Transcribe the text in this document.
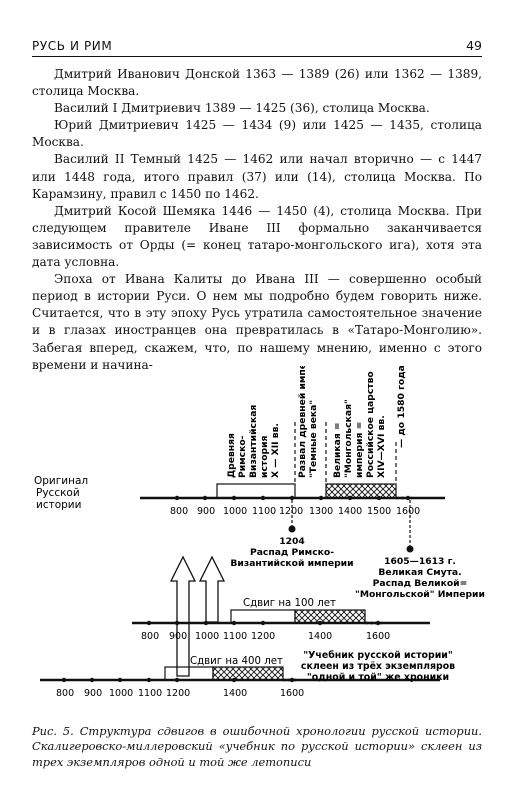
РУСЬ И РИМ	49

Дмитрий Иванович Донской 1363 — 1389 (26) или 1362 — 1389, столица Москва.

Василий I Дмитриевич 1389 — 1425 (36), столица Москва.

Юрий Дмитриевич 1425 — 1434 (9) или 1425 — 1435, столица Москва.

Василий II Темный 1425 — 1462 или начал вторично — с 1447 или 1448 года, итого правил (37) или (14), столица Москва. По Карамзину, правил с 1450 по 1462.

Дмитрий Косой Шемяка 1446 — 1450 (4), столица Москва. При следующем правителе Иване III формально заканчивается зависимость от Орды (= конец татаро-монгольского ига), хотя эта дата условна.

Эпоха от Ивана Калиты до Ивана III — совершенно особый период в истории Руси. О нем мы подробно будем говорить ниже. Считается, что в эту эпоху Русь утратила самостоятельное значение и в глазах иностранцев она превратилась в «Татаро-Монголию». Забегая вперед, скажем, что, по нашему мнению, именно с этого времени и начина-

Оригинал
Русской
истории
800 900 1000 1100 1200 1300 1400 1500 1600
Древняя Римско- Византийская история X — XII вв. Развал древней империи. "Темные века" Великая = "Монгольская" империя = Российское царство XIV—XVI вв. — до 1580 года
1204
Распад Римско-
Византийской империи	1605—1613 г.
Великая Смута.
Распад Великой=
"Монгольской" Империи
Сдвиг на 100 лет
800 900 1000 1100 1200	1400	1600
Сдвиг на 400 лет
800 900 1000 1100 1200	1400	1600
"Учебник русской истории"
склеен из трёх экземпляров
"одной и той" же хроники
Рис. 5. Структура сдвигов в ошибочной хронологии русской истории. Скалигеровско-миллеровский «учебник по русской истории» склеен из трех экземпляров одной и той же летописи
